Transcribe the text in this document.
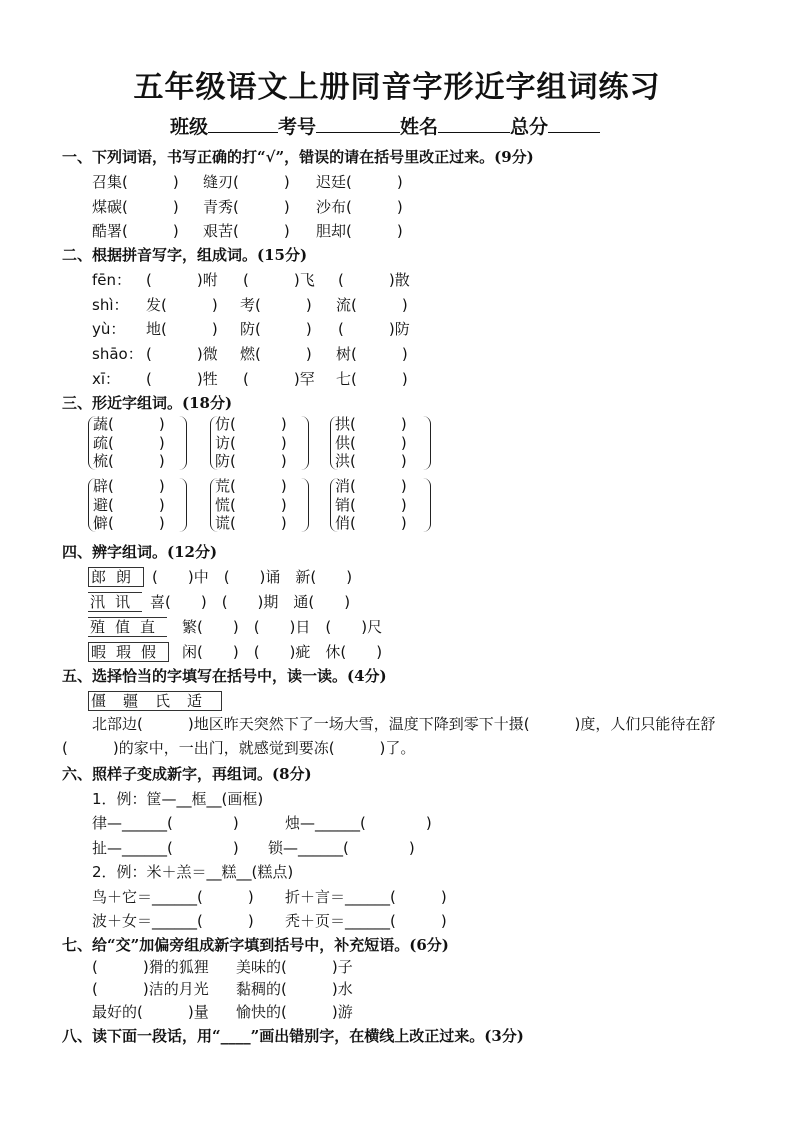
五年级语文上册同音字形近字组词练习
班级	考号	姓名	总分
一、下列词语，书写正确的打“√”，错误的请在括号里改正过来。(9分)
召集(　　　) 缝刃(　　　) 迟廷(　　　)
煤碳(　　　) 青秀(　　　) 沙布(　　　)
酷署(　　　) 艰苦(　　　) 胆却(　　　)
二、根据拼音写字，组成词。(15分)
fēn： (　　　)咐 (　　　)飞 (　　　)散
shì： 发(　　　) 考(　　　) 流(　　　)
yù： 地(　　　) 防(　　　) (　　　)防
shāo： (　　　)微 燃(　　　) 树(　　　)
xī： (　　　)牲 (　　　)罕 七(　　　)
三、形近字组词。(18分)
蔬(　　　)
疏(　　　)
梳(　　　)
仿(　　　)
访(　　　)
防(　　　)
拱(　　　)
供(　　　)
洪(　　　)
辟(　　　)
避(　　　)
僻(　　　)
荒(　　　)
慌(　　　)
谎(　　　)
消(　　　)
销(　　　)
俏(　　　)
四、辨字组词。(12分)
郎朗 (　　)中　(　　)诵　新(　　)
汛讯 喜(　　)　(　　)期　通(　　)
殖值直 繁(　　)　(　　)日　(　　)尺
暇瑕假 闲(　　)　(　　)疵　休(　　)
五、选择恰当的字填写在括号中，读一读。(4分)
僵疆氏适
北部边(　　　)地区昨天突然下了一场大雪，温度下降到零下十摄(　　　)度，人们只能待在舒(　　　)的家中，一出门，就感觉到要冻(　　　)了。
六、照样子变成新字，再组词。(8分)
1．例：筐—__框__(画框)
律—______(　　　　)	烛—______(　　　　)
扯—______(　　　　) 锁—______(　　　　)
2．例：米＋羔＝__糕__(糕点)
鸟＋它＝______(　　　) 折＋言＝______(　　　)
波＋女＝______(　　　) 秃＋页＝______(　　　)
七、给“交”加偏旁组成新字填到括号中，补充短语。(6分)
(　　　)猾的狐狸 美味的(　　　)子
(　　　)洁的月光 黏稠的(　　　)水
最好的(　　　)量 愉快的(　　　)游
八、读下面一段话，用“____”画出错别字，在横线上改正过来。(3分)
